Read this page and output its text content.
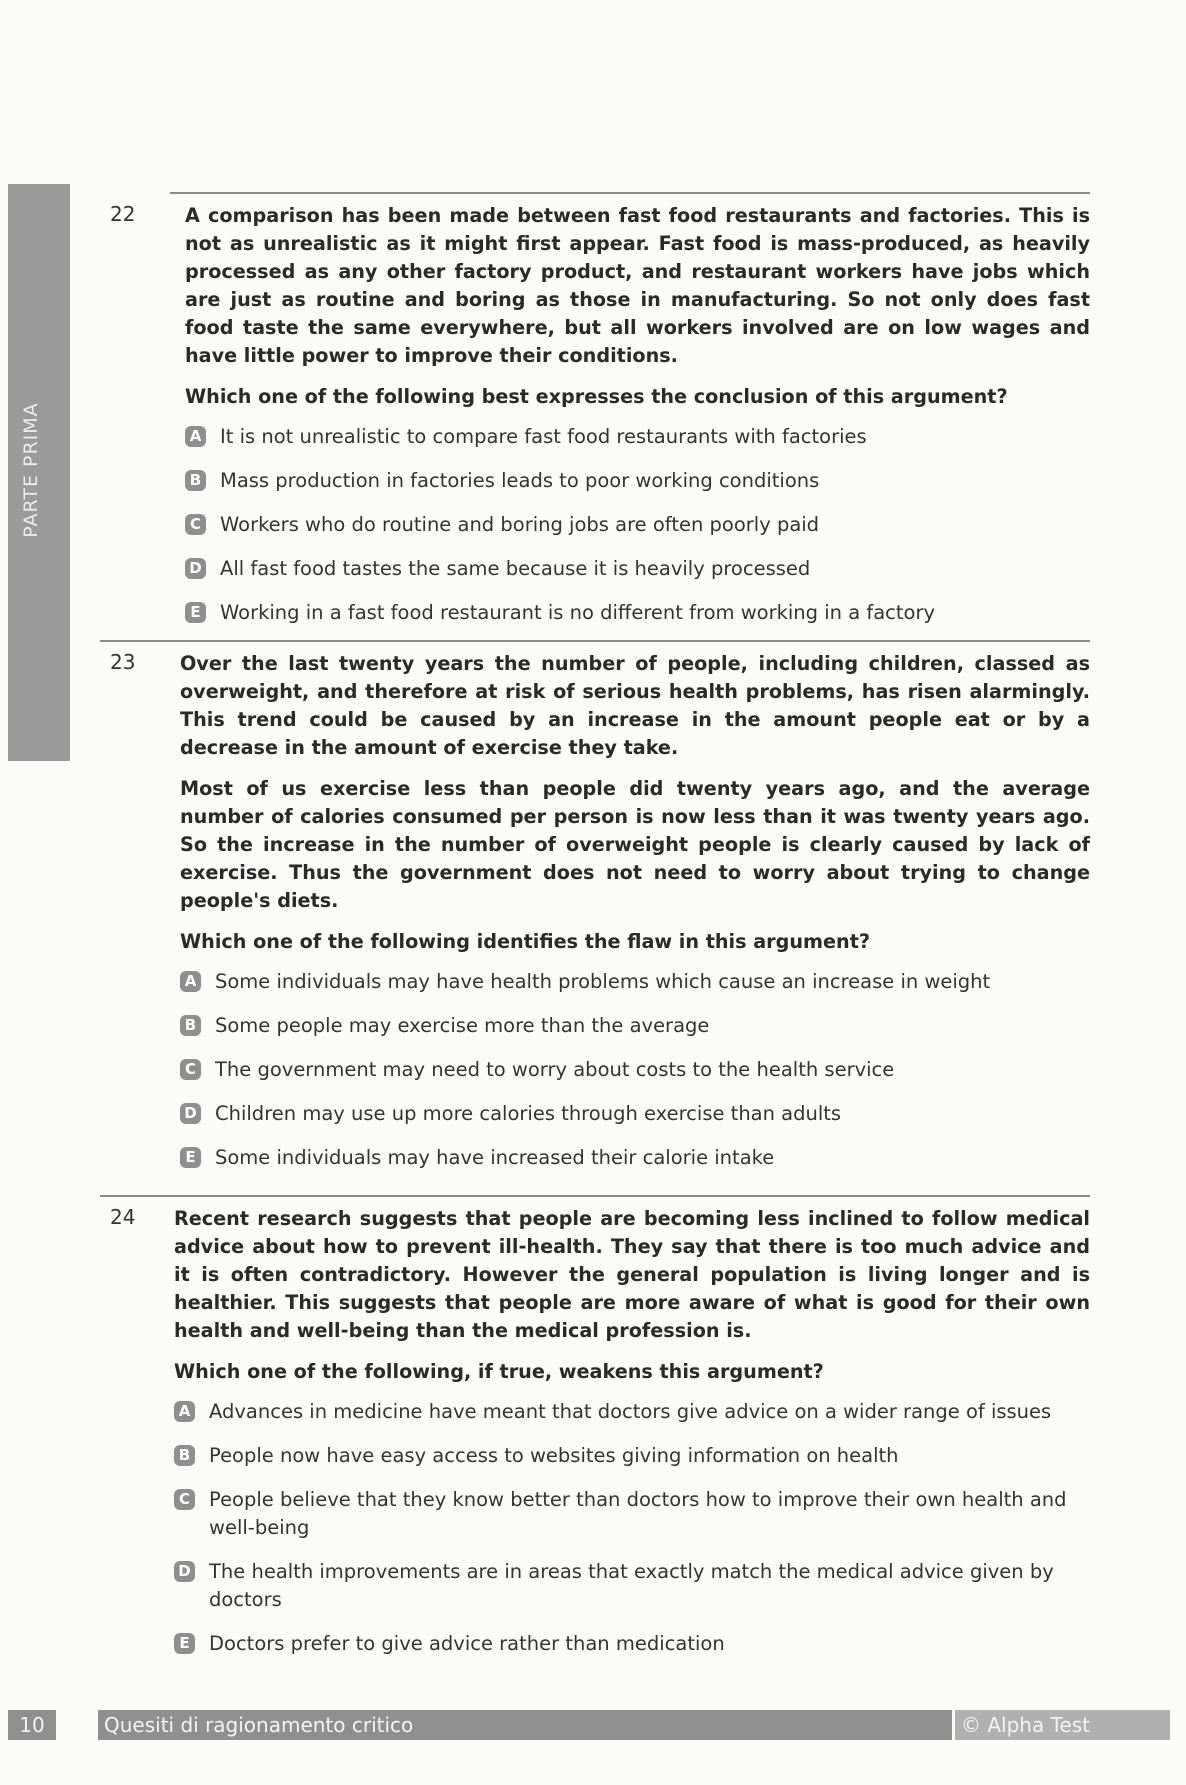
PARTE PRIMA
22	A comparison has been made between fast food restaurants and factories. This is not as unrealistic as it might first appear. Fast food is mass-produced, as heavily processed as any other factory product, and restaurant workers have jobs which are just as routine and boring as those in manufacturing. So not only does fast food taste the same everywhere, but all workers involved are on low wages and have little power to improve their conditions.

Which one of the following best expresses the conclusion of this argument?

A It is not unrealistic to compare fast food restaurants with factories
B Mass production in factories leads to poor working conditions
C Workers who do routine and boring jobs are often poorly paid
D All fast food tastes the same because it is heavily processed
E Working in a fast food restaurant is no different from working in a factory
23 Over the last twenty years the number of people, including children, classed as overweight, and therefore at risk of serious health problems, has risen alarmingly. This trend could be caused by an increase in the amount people eat or by a decrease in the amount of exercise they take.

Most of us exercise less than people did twenty years ago, and the average number of calories consumed per person is now less than it was twenty years ago. So the increase in the number of overweight people is clearly caused by lack of exercise. Thus the government does not need to worry about trying to change people's diets.

Which one of the following identifies the flaw in this argument?

A Some individuals may have health problems which cause an increase in weight
B Some people may exercise more than the average
C The government may need to worry about costs to the health service
D Children may use up more calories through exercise than adults
E Some individuals may have increased their calorie intake
24 Recent research suggests that people are becoming less inclined to follow medical advice about how to prevent ill-health. They say that there is too much advice and it is often contradictory. However the general population is living longer and is healthier. This suggests that people are more aware of what is good for their own health and well-being than the medical profession is.

Which one of the following, if true, weakens this argument?

A Advances in medicine have meant that doctors give advice on a wider range of issues
B People now have easy access to websites giving information on health
C People believe that they know better than doctors how to improve their own health and well-being
D The health improvements are in areas that exactly match the medical advice given by doctors
E Doctors prefer to give advice rather than medication
10	Quesiti di ragionamento critico	© Alpha Test
